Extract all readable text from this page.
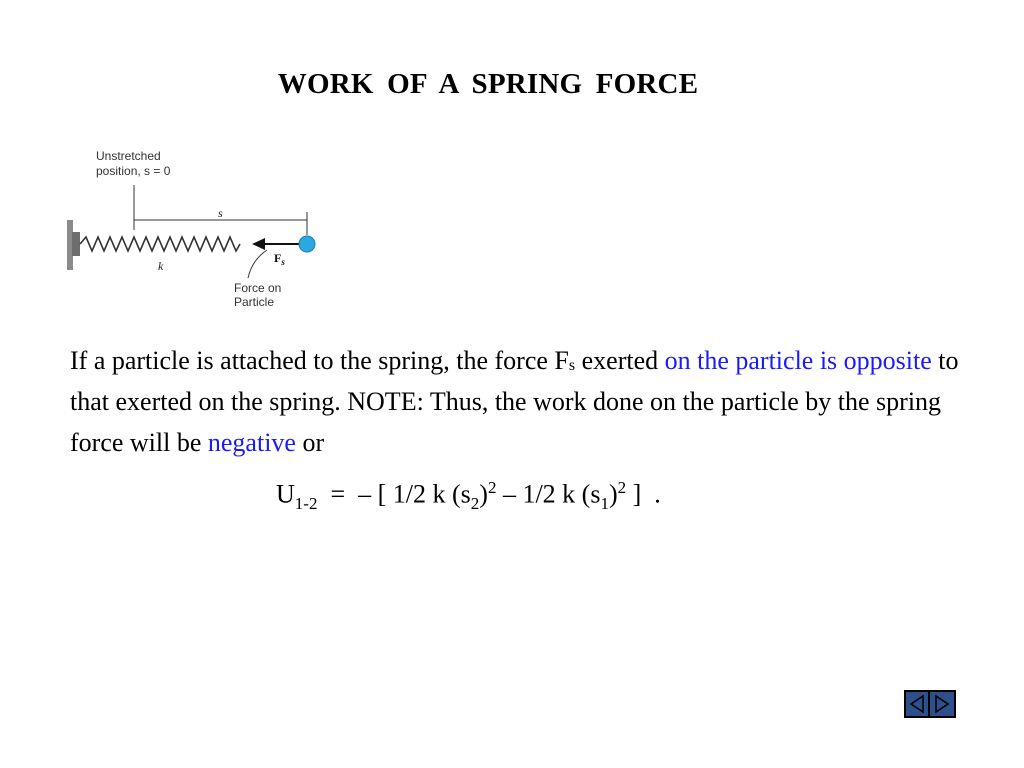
WORK OF A SPRING FORCE
Unstretched
position, s = 0
s
k
$F_s$
Force on
Particle
If a particle is attached to the spring, the force $F_s$ exerted on the particle is opposite to that exerted on the spring. NOTE: Thus, the work done on the particle by the spring force will be negative or
$U_{1-2}$  =  – [ 1/2 k $(s_2)^2 - 1/2$ k $(s_1)^2$ ]  .
